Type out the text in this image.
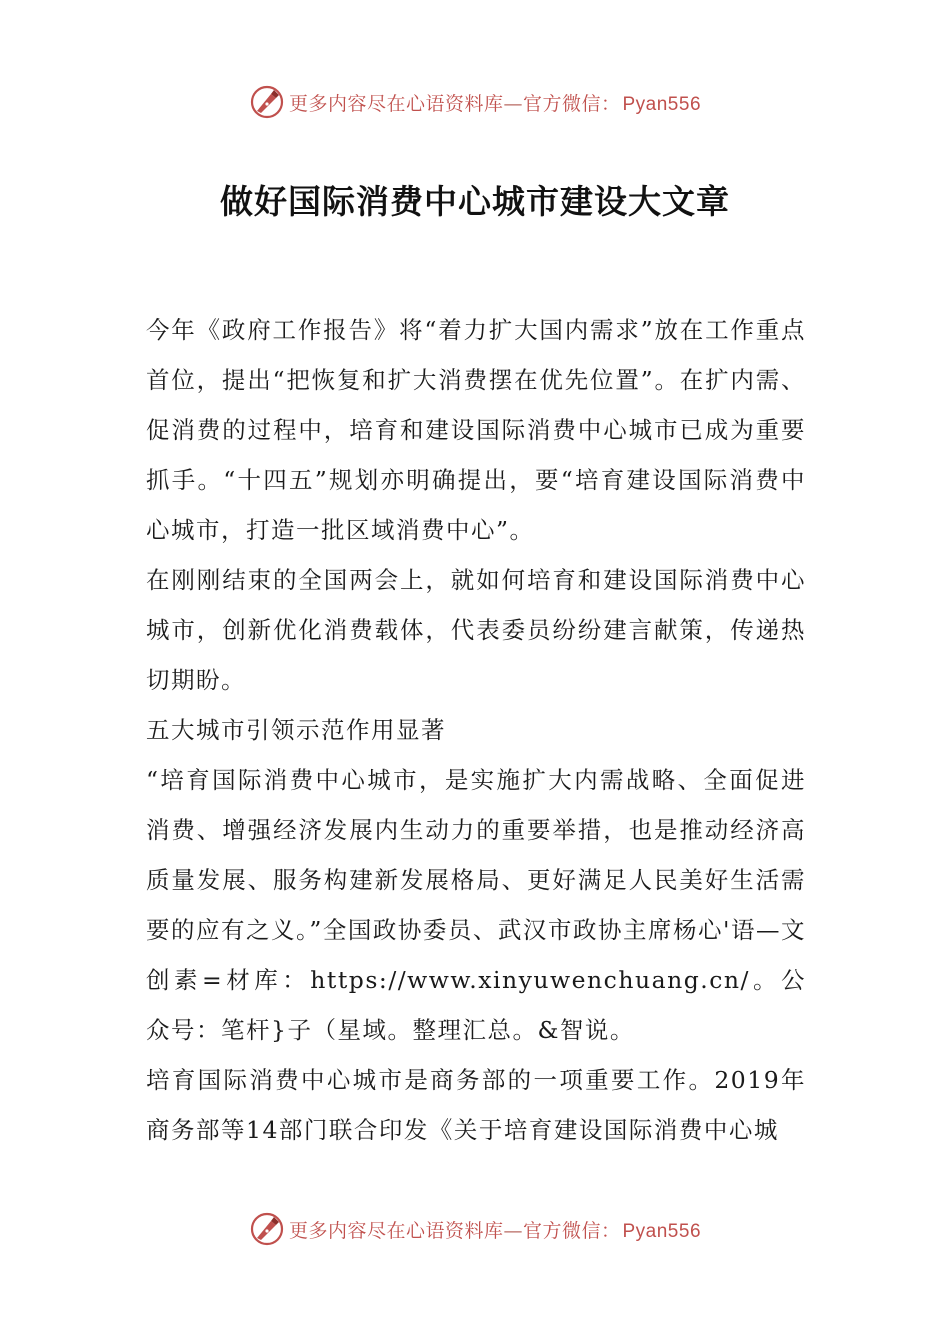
更多内容尽在心语资料库—官方微信： Pyan556
做好国际消费中心城市建设大文章

今年《政府工作报告》将“着力扩大国内需求”放在工作重点首位，提出“把恢复和扩大消费摆在优先位置”。在扩内需、促消费的过程中，培育和建设国际消费中心城市已成为重要抓手。“十四五”规划亦明确提出，要“培育建设国际消费中心城市，打造一批区域消费中心”。

在刚刚结束的全国两会上，就如何培育和建设国际消费中心城市，创新优化消费载体，代表委员纷纷建言献策，传递热切期盼。

五大城市引领示范作用显著

“培育国际消费中心城市，是实施扩大内需战略、全面促进消费、增强经济发展内生动力的重要举措，也是推动经济高质量发展、服务构建新发展格局、更好满足人民美好生活需要的应有之义。”全国政协委员、武汉市政协主席杨心'语—文创素=材库：https://www.xinyuwenchuang.cn/。公众号：笔杆}子（星域。整理汇总。&智说。

培育国际消费中心城市是商务部的一项重要工作。2019年商务部等14部门联合印发《关于培育建设国际消费中心城

更多内容尽在心语资料库—官方微信： Pyan556
